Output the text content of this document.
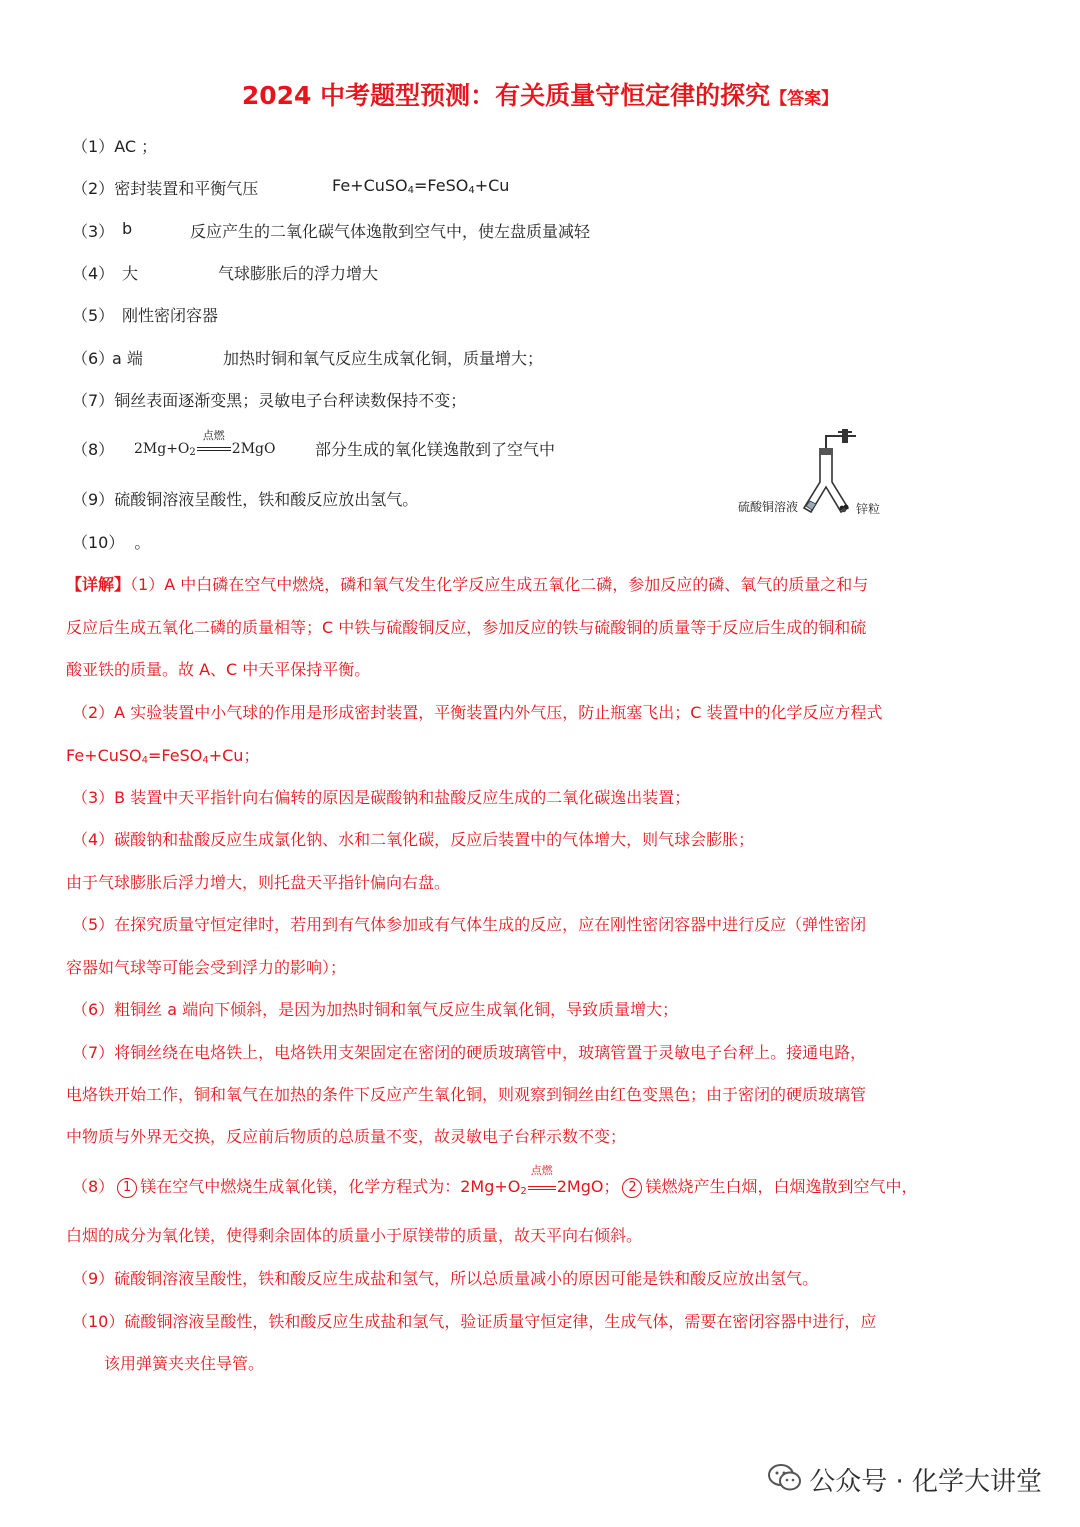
2024 中考题型预测：有关质量守恒定律的探究【答案】
（1）AC ；
（2）密封装置和平衡气压	Fe+CuSO$_4$=FeSO$_4$+Cu
（3） b	反应产生的二氧化碳气体逸散到空气中，使左盘质量减轻
（4） 大	气球膨胀后的浮力增大
（5） 刚性密闭容器
（6）
a 端	加热时铜和氧气反应生成氧化铜，质量增大；
（7）铜丝表面逐渐变黑；灵敏电子台秤读数保持不变；
（8） $2Mg+O_2$
点燃
2MgO 部分生成的氧化镁逸散到了空气中
（9）硫酸铜溶液呈酸性，铁和酸反应放出氢气。
（10） 。
硫酸铜溶液	锌粒
【详解】（1）A 中白磷在空气中燃烧，磷和氧气发生化学反应生成五氧化二磷，参加反应的磷、氧气的质量之和与
反应后生成五氧化二磷的质量相等；C 中铁与硫酸铜反应，参加反应的铁与硫酸铜的质量等于反应后生成的铜和硫
酸亚铁的质量。故 A、C 中天平保持平衡。
（2）A 实验装置中小气球的作用是形成密封装置，平衡装置内外气压，防止瓶塞飞出；C 装置中的化学反应方程式
Fe+CuSO$_4$=FeSO$_4$+Cu；
（3）B 装置中天平指针向右偏转的原因是碳酸钠和盐酸反应生成的二氧化碳逸出装置；
（4）碳酸钠和盐酸反应生成氯化钠、水和二氧化碳，反应后装置中的气体增大，则气球会膨胀；
由于气球膨胀后浮力增大，则托盘天平指针偏向右盘。
（5）在探究质量守恒定律时，若用到有气体参加或有气体生成的反应，应在刚性密闭容器中进行反应（弹性密闭
容器如气球等可能会受到浮力的影响）；
（6）粗铜丝 a 端向下倾斜，是因为加热时铜和氧气反应生成氧化铜，导致质量增大；
（7）将铜丝绕在电烙铁上，电烙铁用支架固定在密闭的硬质玻璃管中，玻璃管置于灵敏电子台秤上。接通电路，
电烙铁开始工作，铜和氧气在加热的条件下反应产生氧化铜，则观察到铜丝由红色变黑色；由于密闭的硬质玻璃管
中物质与外界无交换，反应前后物质的总质量不变，故灵敏电子台秤示数不变；
（8） 1 镁在空气中燃烧生成氧化镁，化学方程式为：$2Mg+O_2$
点燃
2MgO； 2 镁燃烧产生白烟，白烟逸散到空气中，
白烟的成分为氧化镁，使得剩余固体的质量小于原镁带的质量，故天平向右倾斜。
（9）硫酸铜溶液呈酸性，铁和酸反应生成盐和氢气，所以总质量减小的原因可能是铁和酸反应放出氢气。
（10）硫酸铜溶液呈酸性，铁和酸反应生成盐和氢气，验证质量守恒定律，生成气体，需要在密闭容器中进行，应
该用弹簧夹夹住导管。
公众号 · 化学大讲堂
